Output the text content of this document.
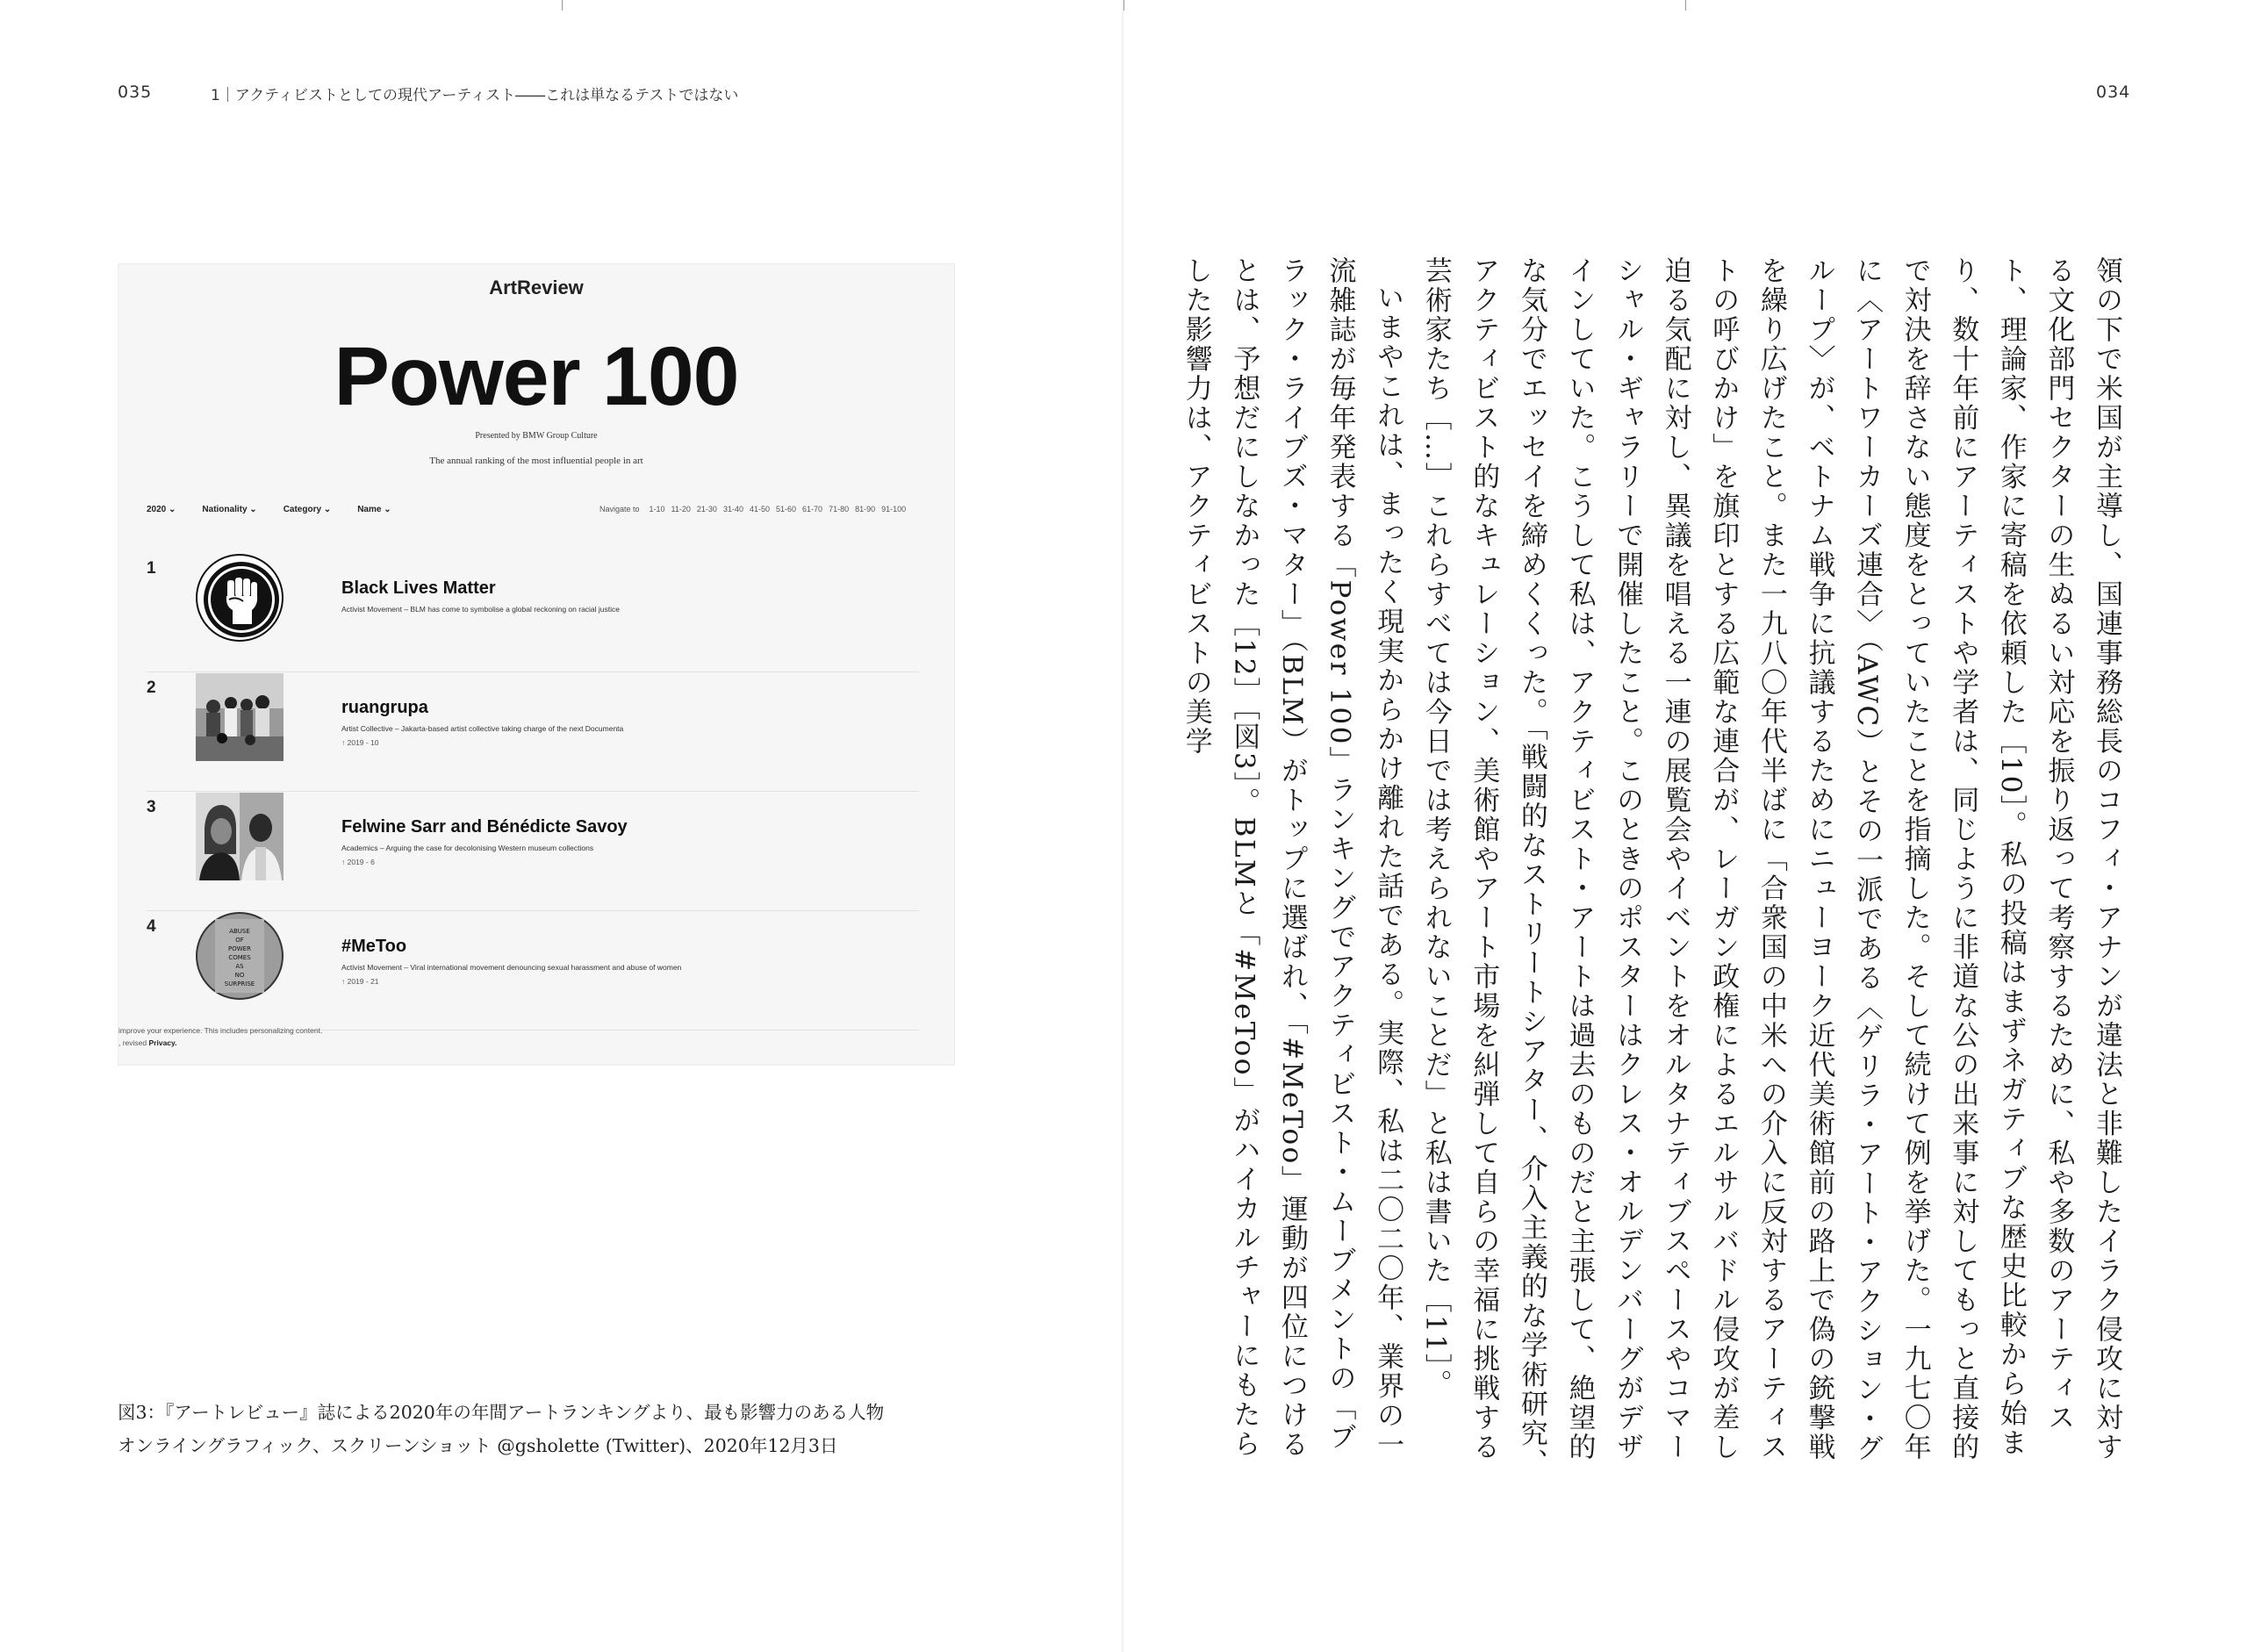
035	1｜アクティビストとしての現代アーティスト――これは単なるテストではない
ArtReview
Power 100
Presented by BMW Group Culture
The annual ranking of the most influential people in art
2020 ⌄	Nationality ⌄	Category ⌄	Name ⌄	Navigate to 1-10 11-20 21-30 31-40 41-50 51-60 61-70 71-80 81-90 91-100
1
Black Lives Matter
Activist Movement – BLM has come to symbolise a global reckoning on racial justice
2
ruangrupa
Artist Collective – Jakarta-based artist collective taking charge of the next Documenta
↑ 2019 - 10
3
Felwine Sarr and Bénédicte Savoy
Academics – Arguing the case for decolonising Western museum collections
↑ 2019 - 6
4	ABUSE
OF
POWER
COMES
AS
NO
SURPRISE
#MeToo
Activist Movement – Viral international movement denouncing sexual harassment and abuse of women
↑ 2019 - 21
improve your experience. This includes personalizing content.
, revised Privacy.
図3：『アートレビュー』誌による2020年の年間アートランキングより、最も影響力のある人物
オンライングラフィック、スクリーンショット @gsholette (Twitter)、2020年12月3日
034

領の下で米国が主導し、国連事務総長のコフィ・アナンが違法と非難したイラク侵攻に対する文化部門セクターの生ぬるい対応を振り返って考察するために、私や多数のアーティスト、理論家、作家に寄稿を依頼した［10］。私の投稿はまずネガティブな歴史比較から始まり、数十年前にアーティストや学者は、同じように非道な公の出来事に対してもっと直接的で対決を辞さない態度をとっていたことを指摘した。そして続けて例を挙げた。一九七〇年に〈アートワーカーズ連合〉（AWC）とその一派である〈ゲリラ・アート・アクション・グループ〉が、ベトナム戦争に抗議するためにニューヨーク近代美術館前の路上で偽の銃撃戦を繰り広げたこと。また一九八〇年代半ばに「合衆国の中米への介入に反対するアーティストの呼びかけ」を旗印とする広範な連合が、レーガン政権によるエルサルバドル侵攻が差し迫る気配に対し、異議を唱える一連の展覧会やイベントをオルタナティブスペースやコマーシャル・ギャラリーで開催したこと。このときのポスターはクレス・オルデンバーグがデザインしていた。こうして私は、アクティビスト・アートは過去のものだと主張して、絶望的な気分でエッセイを締めくくった。「戦闘的なストリートシアター、介入主義的な学術研究、アクティビスト的なキュレーション、美術館やアート市場を糾弾して自らの幸福に挑戦する芸術家たち［…］これらすべては今日では考えられないことだ」と私は書いた［11］。

いまやこれは、まったく現実からかけ離れた話である。実際、私は二〇二〇年、業界の一流雑誌が毎年発表する「Power 100」ランキングでアクティビスト・ムーブメントの「ブラック・ライブズ・マター」（BLM）がトップに選ばれ、「#MeToo」運動が四位につけるとは、予想だにしなかった［12］［図3］。BLMと「#MeToo」がハイカルチャーにもたらした影響力は、アクティビストの美学
